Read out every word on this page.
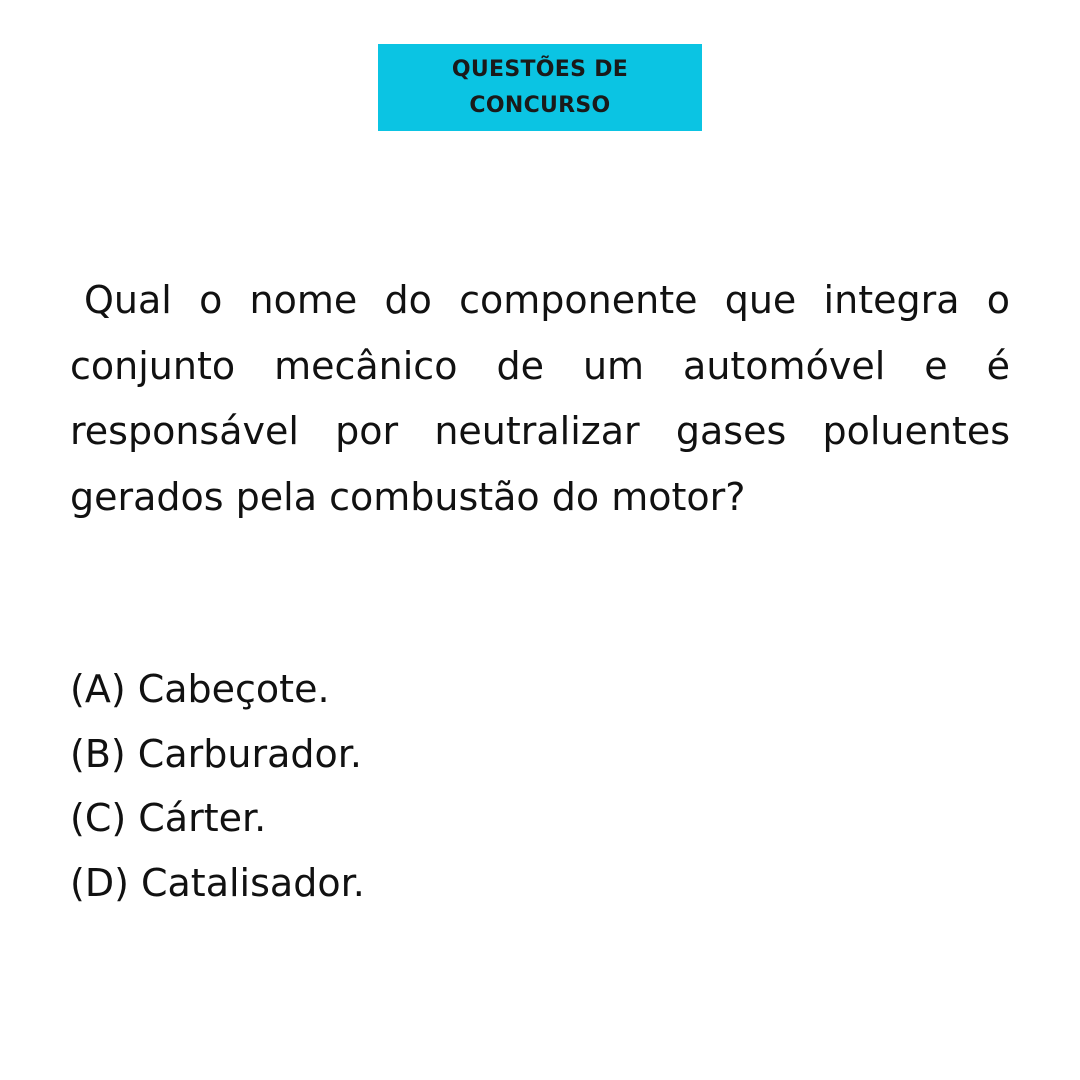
QUESTÕES DE CONCURSO
Qual o nome do componente que integra o conjunto mecânico de um automóvel e é responsável por neutralizar gases poluentes gerados pela combustão do motor?
(A) Cabeçote.
(B) Carburador.
(C) Cárter.
(D) Catalisador.
